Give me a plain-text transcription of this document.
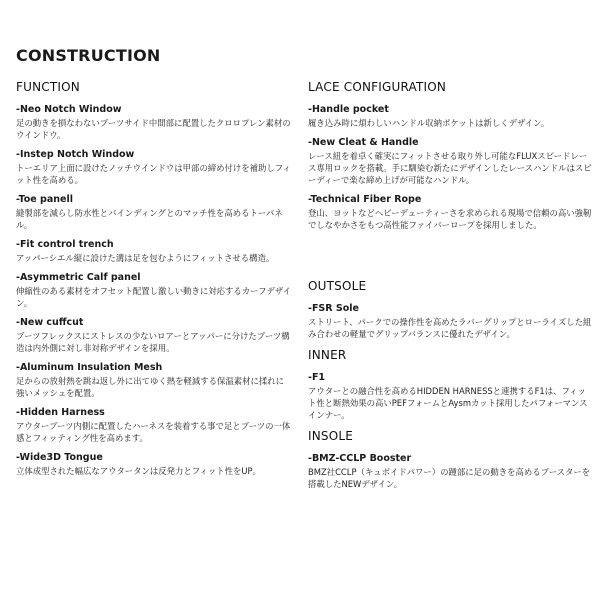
CONSTRUCTION
FUNCTION

-Neo Notch Window

足の動きを損なわないブーツサイド中間部に配置したクロロプレン素材のウインドウ。

-Instep Notch Window

トーエリア上面に設けたノッチウインドウは甲部の締め付けを補助しフィット性を高める。

-Toe panell

縫製部を減らし防水性とバインディングとのマッチ性を高めるトーパネル。

-Fit control trench

アッパーシエル縦に設けた溝は足を包むようにフィットさせる構造。

-Asymmetric Calf panel

伸縮性のある素材をオフセット配置し激しい動きに対応するカーフデザイン。

-New cuffcut

ブーツフレックスにストレスの少ないロアーとアッパーに分けたブーツ構造は内外側に対し非対称デザインを採用。

-Aluminum Insulation Mesh

足からの放射熱を跳ね返し外に出てゆく熱を軽減する保温素材に揉れに強いメッシュを配置。

-Hidden Harness

アウターブーツ内側に配置したハーネスを装着する事で足とブーツの一体感とフィッティング性を高めます。

-Wide3D Tongue

立体成型された幅広なアウタータンは反発力とフィット性をUP。

LACE CONFIGURATION

-Handle pocket

履き込み時に煩わしいハンドル収納ポケットは新しくデザイン。

-New Cleat & Handle

レース紐を着卓く確実にフィットさせる取り外し可能なFLUXスピードレース専用ロックを搭載。手に馴染む新たにデザインしたレースハンドルはスピーディーで楽な締め上げが可能なハンドル。

-Technical Fiber Rope

登山、ヨットなどヘビーデューティーさを求められる現場で信頼の高い強靭でしなやかさをもつ高性能ファイバーロープを採用しました。

OUTSOLE

-FSR Sole

ストリート、パークでの操作性を高めたラバーグリップとローライズした組み合わせの軽量でグリップバランスに優れたデザイン。

INNER

-F1

アウターとの融合性を高めるHIDDEN HARNESSと連携するF1は、フィット性と断熱効果の高いPEFフォームとAysmカット採用したパフォーマンスインナー。

INSOLE

-BMZ-CCLP Booster

BMZ社CCLP（キュボイドパワー）の踵部に足の動きを高めるブースターを搭載したNEWデザイン。
